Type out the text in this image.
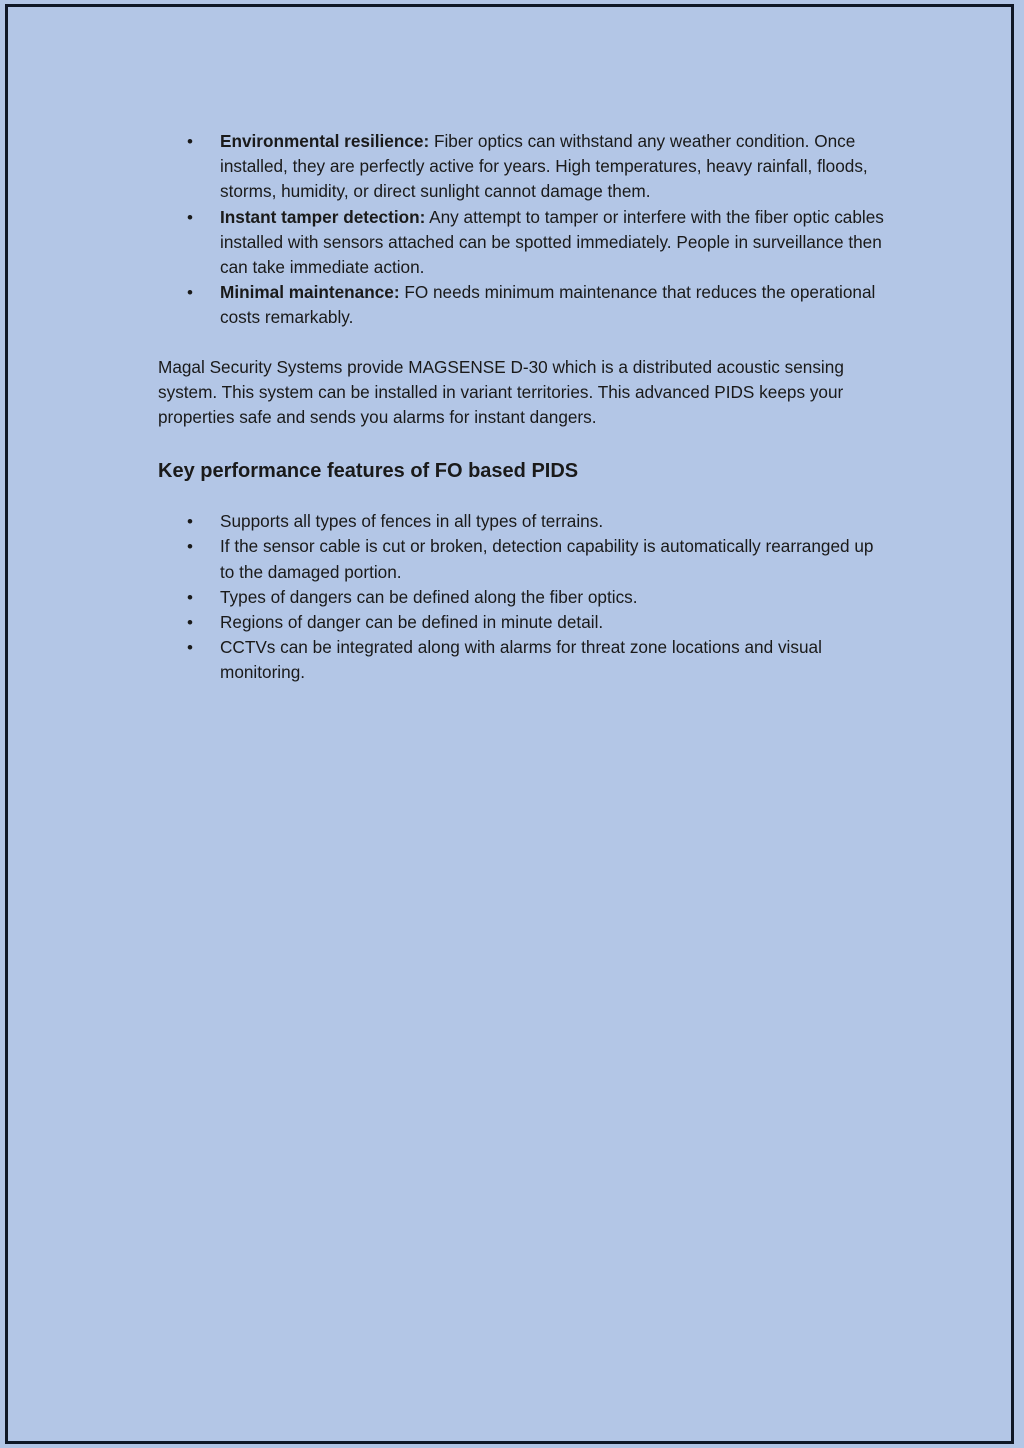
• Environmental resilience: Fiber optics can withstand any weather condition. Once installed, they are perfectly active for years. High temperatures, heavy rainfall, floods, storms, humidity, or direct sunlight cannot damage them.
• Instant tamper detection: Any attempt to tamper or interfere with the fiber optic cables installed with sensors attached can be spotted immediately. People in surveillance then can take immediate action.
• Minimal maintenance: FO needs minimum maintenance that reduces the operational costs remarkably.

Magal Security Systems provide MAGSENSE D-30 which is a distributed acoustic sensing system. This system can be installed in variant territories. This advanced PIDS keeps your properties safe and sends you alarms for instant dangers.

Key performance features of FO based PIDS
• Supports all types of fences in all types of terrains.
• If the sensor cable is cut or broken, detection capability is automatically rearranged up to the damaged portion.
• Types of dangers can be defined along the fiber optics.
• Regions of danger can be defined in minute detail.
• CCTVs can be integrated along with alarms for threat zone locations and visual monitoring.
